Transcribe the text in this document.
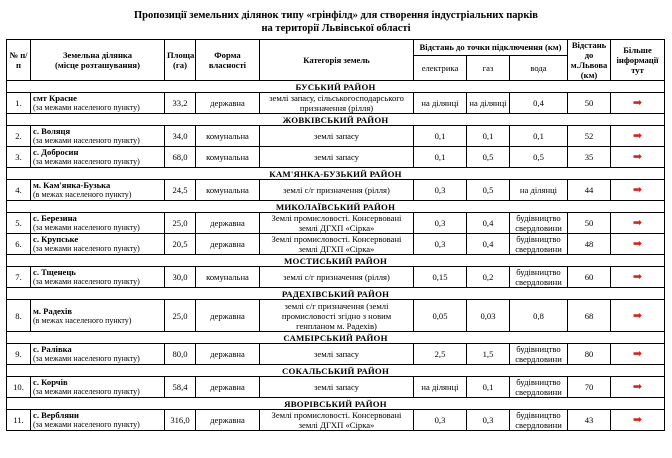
Пропозиції земельних ділянок типу «грінфілд» для створення індустріальних парків
на території Львівської області
№ п/п	Земельна ділянка
(місце розташування)	Площа (га)	Форма власності	Категорія земель	Відстань до точки підключення (км)			Відстань до м.Львова (км)	Більше інформації тут
					електрика	газ	вода		
БУСЬКИЙ РАЙОН									
1.	смт Красне
(за межами населеного пункту)	33,2	державна	землі запасу, сільськогосподарського призначення (рілля)	на ділянці	на ділянці	0,4	50	➡
ЖОВКІВСЬКИЙ РАЙОН									
2.	с. Воляця
(за межами населеного пункту)	34,0	комунальна	землі запасу	0,1	0,1	0,1	52	➡
3.	с. Добросин
(за межами населеного пункту)	68,0	комунальна	землі запасу	0,1	0,5	0,5	35	➡
КАМ'ЯНКА-БУЗЬКИЙ РАЙОН									
4.	м. Кам'янка-Бузька
(в межах населеного пункту)	24,5	комунальна	землі с/г призначення (рілля)	0,3	0,5	на ділянці	44	➡
МИКОЛАЇВСЬКИЙ РАЙОН									
5.	с. Березина
(за межами населеного пункту)	25,0	державна	Землі промисловості. Консервовані землі ДГХП «Сірка»	0,3	0,4	будівництво свердловини	50	➡
6.	с. Крупське
(за межами населеного пункту)	20,5	державна	Землі промисловості. Консервовані землі ДГХП «Сірка»	0,3	0,4	будівництво свердловини	48	➡
МОСТИСЬКИЙ РАЙОН									
7.	с. Тщенець
(за межами населеного пункту)	30,0	комунальна	землі с/г призначення (рілля)	0,15	0,2	будівництво свердловини	60	➡
РАДЕХІВСЬКИЙ РАЙОН									
8.	м. Радехів
(в межах населеного пункту)	25,0	державна	землі с/г призначення (землі промисловості згідно з новим генпланом м. Радехів)	0,05	0,03	0,8	68	➡
САМБІРСЬКИЙ РАЙОН									
9.	с. Ралівка
(за межами населеного пункту)	80,0	державна	землі запасу	2,5	1,5	будівництво свердловини	80	➡
СОКАЛЬСЬКИЙ РАЙОН									
10.	с. Корчів
(за межами населеного пункту)	58,4	державна	землі запасу	на ділянці	0,1	будівництво свердловини	70	➡
ЯВОРІВСЬКИЙ РАЙОН									
11.	с. Вербляни
(за межами населеного пункту)	316,0	державна	Землі промисловості. Консервовані землі ДГХП «Сірка»	0,3	0,3	будівництво свердловини	43	➡
